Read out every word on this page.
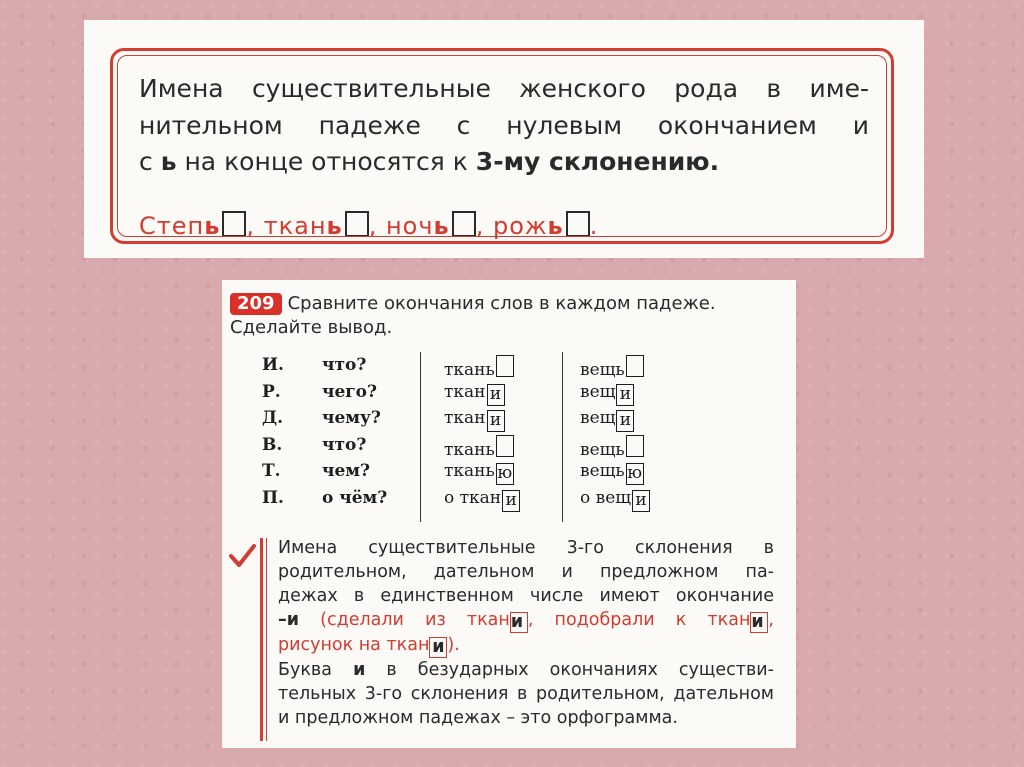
Имена существительные женского рода в име-
нительном падеже с нулевым окончанием и
с ь на конце относятся к 3-му склонению.
Степь , ткань , ночь , рожь .
209 Сравните окончания слов в каждом падеже.
Сделайте вывод.
И. что?	ткань	вещь
Р. чего?	ткан и	вещ и
Д. чему?	ткан и	вещ и
В. что?	ткань	вещь
Т. чем?	ткань ю	вещь ю
П. о чём?	о ткан и	о вещ и
Имена существительные 3-го склонения в
родительном, дательном и предложном па-
дежах в единственном числе имеют окончание
–и (сделали из ткани , подобрали к ткани ,
рисунок на ткан и ).
Буква и в безударных окончаниях существи-
тельных 3-го склонения в родительном, дательном
и предложном падежах – это орфограмма.
